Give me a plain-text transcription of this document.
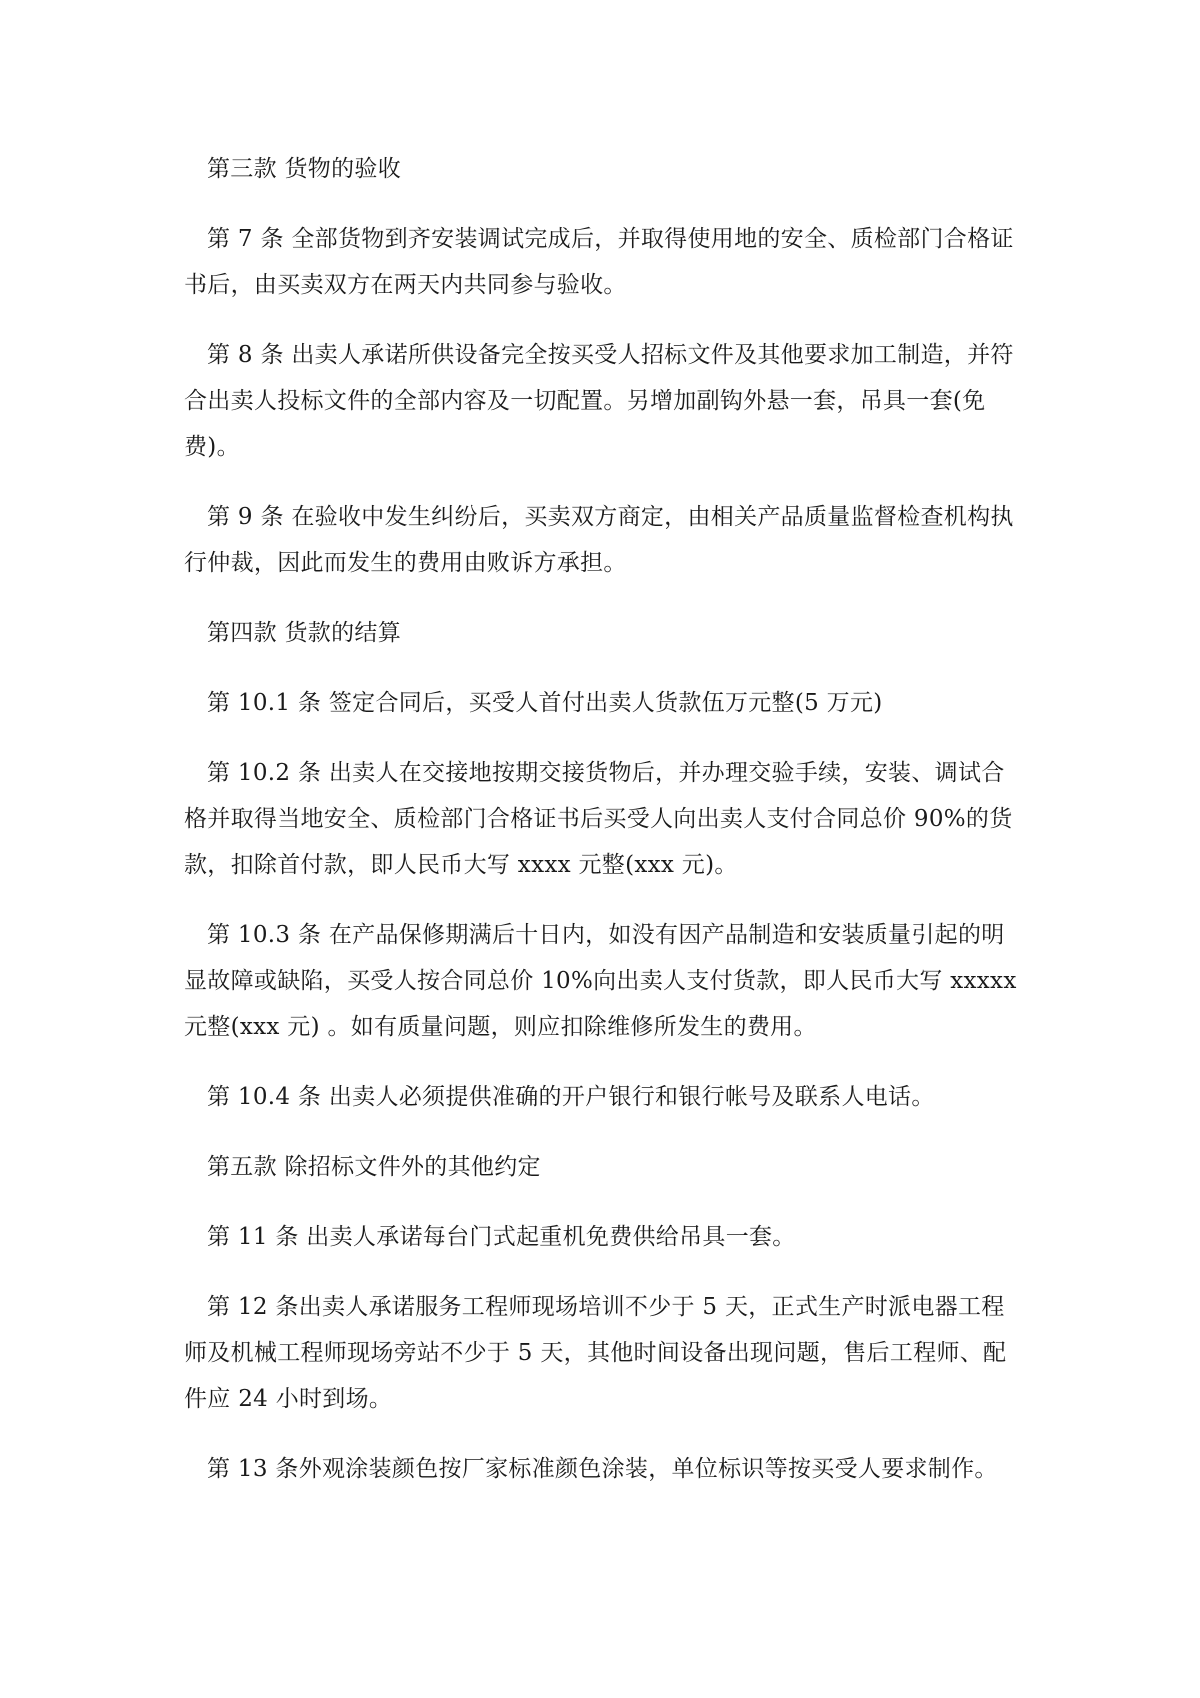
第三款 货物的验收

第 7 条 全部货物到齐安装调试完成后，并取得使用地的安全、质检部门合格证书后，由买卖双方在两天内共同参与验收。

第 8 条 出卖人承诺所供设备完全按买受人招标文件及其他要求加工制造，并符合出卖人投标文件的全部内容及一切配置。另增加副钩外悬一套，吊具一套(免费)。

第 9 条 在验收中发生纠纷后，买卖双方商定，由相关产品质量监督检查机构执行仲裁，因此而发生的费用由败诉方承担。

第四款 货款的结算

第 10.1 条 签定合同后，买受人首付出卖人货款伍万元整(5 万元)

第 10.2 条 出卖人在交接地按期交接货物后，并办理交验手续，安装、调试合格并取得当地安全、质检部门合格证书后买受人向出卖人支付合同总价 90%的货款，扣除首付款，即人民币大写 xxxx 元整(xxx 元)。

第 10.3 条 在产品保修期满后十日内，如没有因产品制造和安装质量引起的明显故障或缺陷，买受人按合同总价 10%向出卖人支付货款，即人民币大写 xxxxx 元整(xxx 元) 。如有质量问题，则应扣除维修所发生的费用。

第 10.4 条 出卖人必须提供准确的开户银行和银行帐号及联系人电话。

第五款 除招标文件外的其他约定

第 11 条 出卖人承诺每台门式起重机免费供给吊具一套。

第 12 条出卖人承诺服务工程师现场培训不少于 5 天，正式生产时派电器工程师及机械工程师现场旁站不少于 5 天，其他时间设备出现问题，售后工程师、配件应 24 小时到场。

第 13 条外观涂装颜色按厂家标准颜色涂装，单位标识等按买受人要求制作。
